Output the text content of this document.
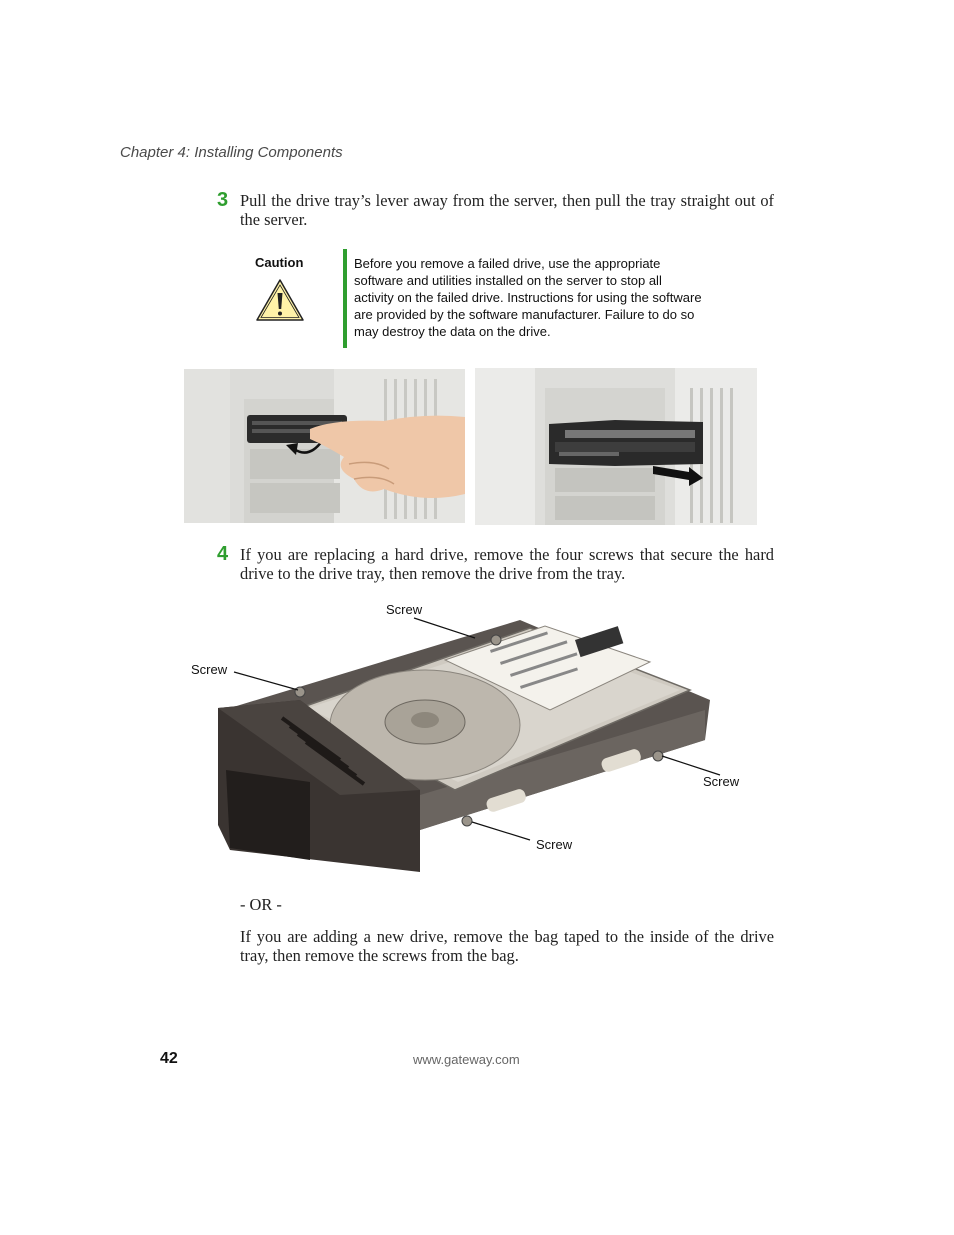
Chapter 4: Installing Components
3 Pull the drive tray’s lever away from the server, then pull the tray straight out of the server.
Caution	Before you remove a failed drive, use the appropriate software and utilities installed on the server to stop all activity on the failed drive. Instructions for using the software are provided by the software manufacturer. Failure to do so may destroy the data on the drive.
4 If you are replacing a hard drive, remove the four screws that secure the hard drive to the drive tray, then remove the drive from the tray.
Screw
Screw
Screw
Screw
- OR -
If you are adding a new drive, remove the bag taped to the inside of the drive tray, then remove the screws from the bag.
42	www.gateway.com
